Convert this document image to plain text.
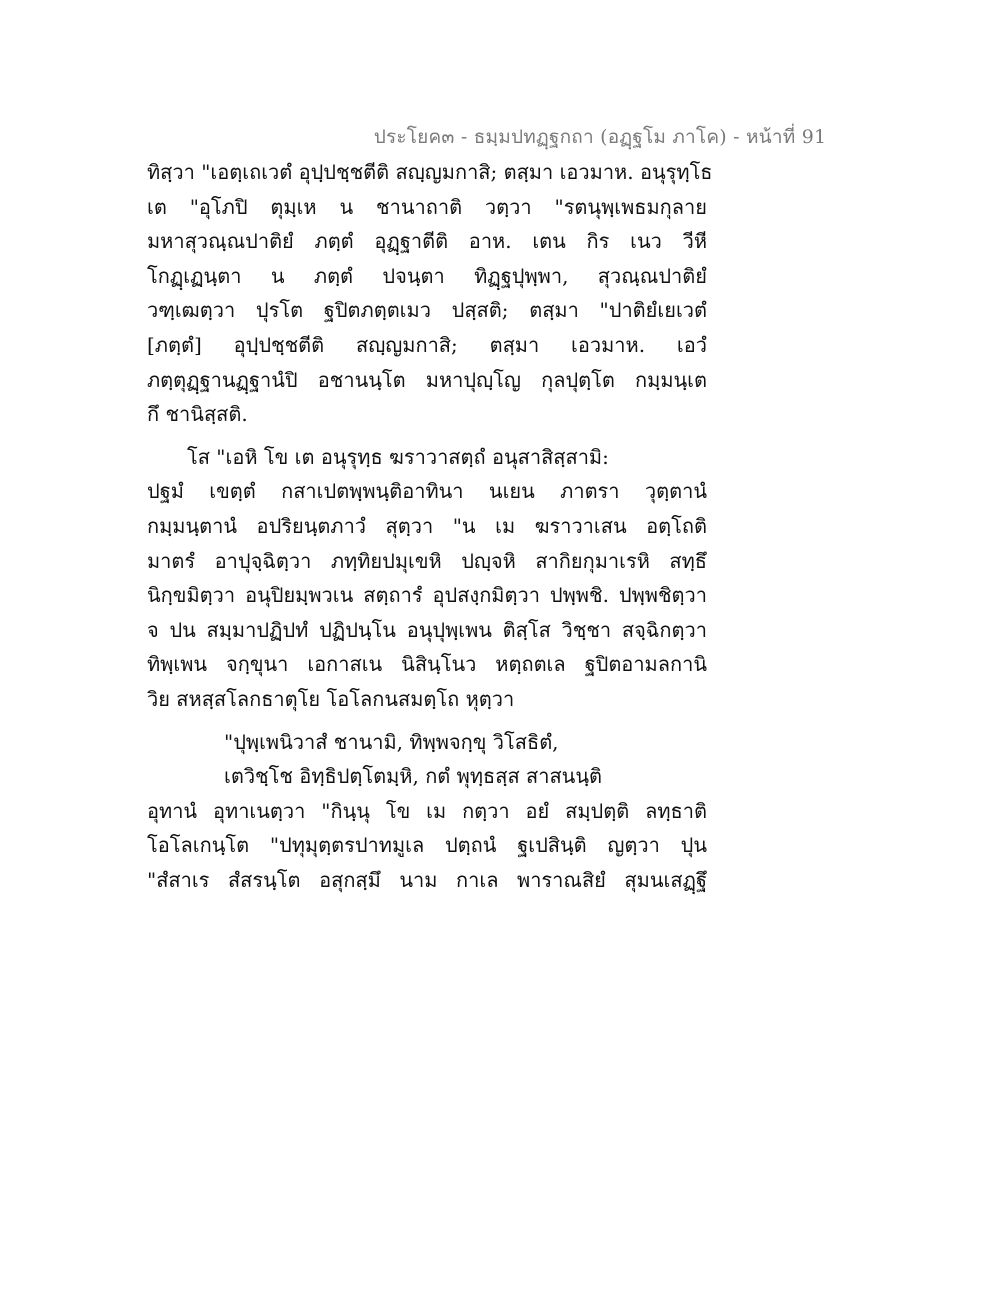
ประโยค๓ - ธมฺมปทฏฺฐกถา (อฏฺฐโม ภาโค) - หน้าที่ 91
ทิสฺวา "เอตฺเถเวตํ อุปฺปชฺชตีติ สญฺญมกาสิ; ตสฺมา เอวมาห. อนุรุทฺโธ
เต "อุโภปิ ตุมฺเห น ชานาถาติ วตฺวา "รตนุพฺเพธมกุลาย
มหาสุวณฺณปาติยํ ภตฺตํ อุฏฺฐาตีติ อาห. เตน กิร เนว วีหี
โกฏฺเฏนฺตา น ภตฺตํ ปจนฺตา ทิฏฺฐปุพฺพา, สุวณฺณปาติยํ
วฑฺเฒตฺวา ปุรโต ฐปิตภตฺตเมว ปสฺสติ; ตสฺมา "ปาติยํเยเวตํ
[ภตฺตํ] อุปฺปชฺชตีติ สญฺญมกาสิ; ตสฺมา เอวมาห. เอวํ
ภตฺตุฏฺฐานฏฺฐานํปิ อชานนฺโต มหาปุญฺโญ กุลปุตฺโต กมฺมนฺเต
กึ ชานิสฺสติ.
โส "เอหิ โข เต อนุรุทฺธ ฆราวาสตฺถํ อนุสาสิสฺสามิ:
ปฐมํ เขตฺตํ กสาเปตพฺพนฺติอาทินา นเยน ภาตรา วุตฺตานํ
กมฺมนฺตานํ อปริยนฺตภาวํ สุตฺวา "น เม ฆราวาเสน อตฺโถติ
มาตรํ อาปุจฺฉิตฺวา ภทฺทิยปมุเขหิ ปญฺจหิ สากิยกุมาเรหิ สทฺธึ
นิกฺขมิตฺวา อนุปิยมฺพวเน สตฺถารํ อุปสงฺกมิตฺวา ปพฺพชิ. ปพฺพชิตฺวา
จ ปน สมฺมาปฏิปทํ ปฏิปนฺโน อนุปุพฺเพน ติสฺโส วิชฺชา สจฺฉิกตฺวา
ทิพฺเพน จกฺขุนา เอกาสเน นิสินฺโนว หตฺถตเล ฐปิตอามลกานิ
วิย สหสฺสโลกธาตุโย โอโลกนสมตฺโถ หุตฺวา
"ปุพฺเพนิวาสํ ชานามิ, ทิพฺพจกฺขุ วิโสธิตํ,
เตวิชฺโช อิทฺธิปตฺโตมฺหิ, กตํ พุทฺธสฺส สาสนนฺติ
อุทานํ อุทาเนตฺวา "กินฺนุ โข เม กตฺวา อยํ สมฺปตฺติ ลทฺธาติ
โอโลเกนฺโต "ปทุมุตฺตรปาทมูเล ปตฺถนํ ฐเปสินฺติ ญตฺวา ปุน
"สํสาเร สํสรนฺโต อสุกสฺมึ นาม กาเล พาราณสิยํ สุมนเสฏฺฐึ
